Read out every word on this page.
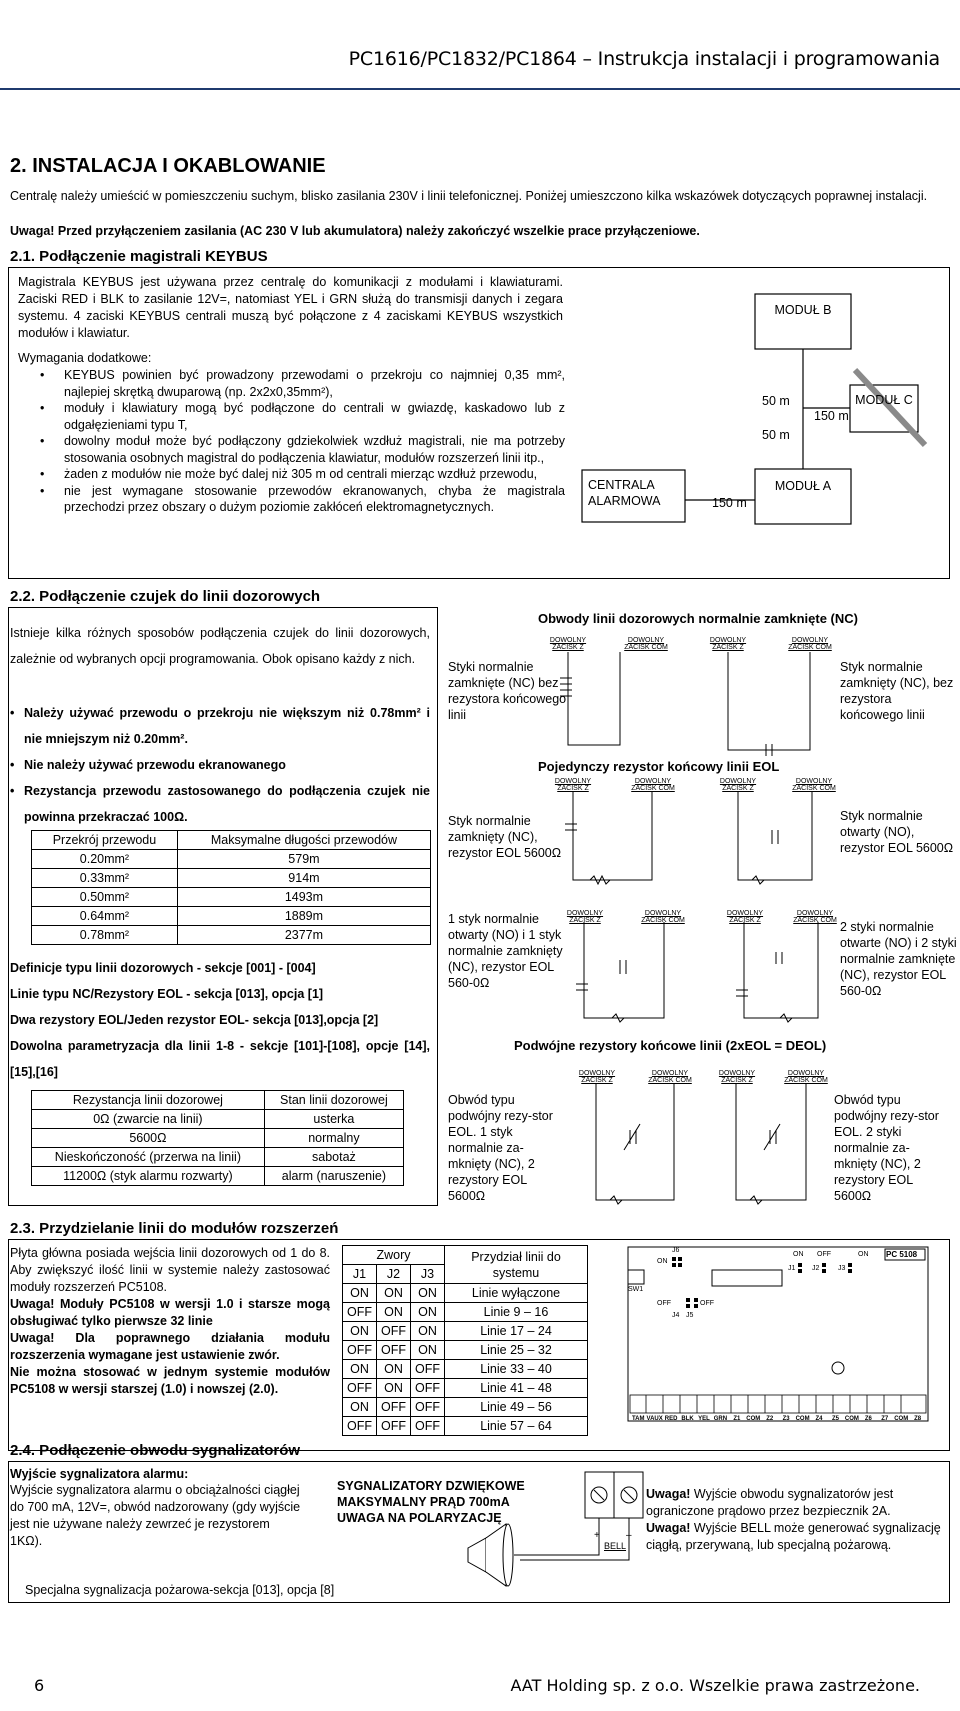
PC1616/PC1832/PC1864 – Instrukcja instalacji i programowania
2. INSTALACJA I OKABLOWANIE
Centralę należy umieścić w pomieszczeniu suchym, blisko zasilania 230V i linii telefonicznej. Poniżej umieszczono kilka wskazówek dotyczących poprawnej instalacji.
Uwaga! Przed przyłączeniem zasilania (AC 230 V lub akumulatora) należy zakończyć wszelkie prace przyłączeniowe.
2.1. Podłączenie magistrali KEYBUS
Magistrala KEYBUS jest używana przez centralę do komunikacji z modułami i klawiaturami. Zaciski RED i BLK to zasilanie 12V=, natomiast YEL i GRN służą do transmisji danych i zegara systemu. 4 zaciski KEYBUS centrali muszą być połączone z 4 zaciskami KEYBUS wszystkich modułów i klawiatur.
Wymagania dodatkowe:
• KEYBUS powinien być prowadzony przewodami o przekroju co najmniej 0,35 mm², najlepiej skrętką dwuparową (np. 2x2x0,35mm²),
• moduły i klawiatury mogą być podłączone do centrali w gwiazdę, kaskadowo lub z odgałęzieniami typu T,
• dowolny moduł może być podłączony gdziekolwiek wzdłuż magistrali, nie ma potrzeby stosowania osobnych magistral do podłączenia klawiatur, modułów rozszerzeń linii itp.,
• żaden z modułów nie może być dalej niż 305 m od centrali mierząc wzdłuż przewodu,
• nie jest wymagane stosowanie przewodów ekranowanych, chyba że magistrala przechodzi przez obszary o dużym poziomie zakłóceń elektromagnetycznych.
MODUŁ B
MODUŁ C
MODUŁ A
CENTRALA ALARMOWA
50 m
50 m
150 m
150 m
2.2. Podłączenie czujek do linii dozorowych
Istnieje kilka różnych sposobów podłączenia czujek do linii dozorowych, zależnie od wybranych opcji programowania. Obok opisano każdy z nich.
• Należy używać przewodu o przekroju nie większym niż 0.78mm² i nie mniejszym niż 0.20mm².
• Nie należy używać przewodu ekranowanego
• Rezystancja przewodu zastosowanego do podłączenia czujek nie powinna przekraczać 100Ω.
Przekrój przewodu	Maksymalne długości przewodów
0.20mm²	579m
0.33mm²	914m
0.50mm²	1493m
0.64mm²	1889m
0.78mm²	2377m
Definicje typu linii dozorowych - sekcje [001] - [004]
Linie typu NC/Rezystory EOL - sekcja [013], opcja [1]
Dwa rezystory EOL/Jeden rezystor EOL- sekcja [013],opcja [2]
Dowolna parametryzacja dla linii 1-8 - sekcje [101]-[108], opcje [14],[15],[16]
Rezystancja linii dozorowej	Stan linii dozorowej
0Ω (zwarcie na linii)	usterka
5600Ω	normalny
Nieskończoność (przerwa na linii)	sabotaż
11200Ω (styk alarmu rozwarty)	alarm (naruszenie)
Obwody linii dozorowych normalnie zamknięte (NC)
Pojedynczy rezystor końcowy linii EOL
Podwójne rezystory końcowe linii (2xEOL = DEOL)
Styki normalnie zamknięte (NC) bez rezystora końcowego linii
Styk normalnie zamknięty (NC), bez rezystora końcowego linii
Styk normalnie zamknięty (NC), rezystor EOL 5600Ω
Styk normalnie otwarty (NO), rezystor EOL 5600Ω
1 styk normalnie otwarty (NO) i 1 styk normalnie zamknięty (NC), rezystor EOL 560-0Ω
2 styki normalnie otwarte (NO) i 2 styki normalnie zamknięte (NC), rezystor EOL 560-0Ω
Obwód typu podwójny rezy-stor EOL. 1 styk normalnie za-mknięty (NC), 2 rezystory EOL 5600Ω
Obwód typu podwójny rezy-stor EOL. 2 styki normalnie za-mknięty (NC), 2 rezystory EOL 5600Ω
DOWOLNY ZACISK Z
DOWOLNY ZACISK COM
DOWOLNY ZACISK Z
DOWOLNY ZACISK COM
DOWOLNY ZACISK Z
DOWOLNY ZACISK COM
DOWOLNY ZACISK Z
DOWOLNY ZACISK COM
DOWOLNY ZACISK Z
DOWOLNY ZACISK COM
DOWOLNY ZACISK Z
DOWOLNY ZACISK COM
DOWOLNY ZACISK Z
DOWOLNY ZACISK COM
DOWOLNY ZACISK Z
DOWOLNY ZACISK COM
2.3. Przydzielanie linii do modułów rozszerzeń
Płyta główna posiada wejścia linii dozorowych od 1 do 8. Aby zwiększyć ilość linii w systemie należy zastosować moduły rozszerzeń PC5108.
Uwaga! Moduły PC5108 w wersji 1.0 i starsze mogą obsługiwać tylko pierwsze 32 linie
Uwaga! Dla poprawnego działania modułu rozszerzenia wymagane jest ustawienie zwór.
Nie można stosować w jednym systemie modułów PC5108 w wersji starszej (1.0) i nowszej (2.0).
Zwory			Przydział linii do systemu
J1	J2	J3	
ON	ON	ON	Linie wyłączone
OFF	ON	ON	Linie 9 – 16
ON	OFF	ON	Linie 17 – 24
OFF	OFF	ON	Linie 25 – 32
ON	ON	OFF	Linie 33 – 40
OFF	ON	OFF	Linie 41 – 48
ON	OFF	OFF	Linie 49 – 56
OFF	OFF	OFF	Linie 57 – 64
PC 5108
J6
ON
SW1
OFF	OFF
J4 J5
ON OFF	ON
J1 J2	J3
TAM VAUX RED BLK YEL GRN	Z1 COM Z2	Z3 COM Z4	Z5 COM Z6	Z7 COM Z8
2.4. Podłączenie obwodu sygnalizatorów
Wyjście sygnalizatora alarmu:
Wyjście sygnalizatora alarmu o obciążalności ciągłej do 700 mA, 12V=, obwód nadzorowany (gdy wyjście jest nie używane należy zewrzeć je rezystorem 1KΩ).
SYGNALIZATORY DZWIĘKOWE
MAKSYMALNY PRĄD 700mA
UWAGA NA POLARYZACJĘ
+	–
BELL
Uwaga! Wyjście obwodu sygnalizatorów jest ograniczone prądowo przez bezpiecznik 2A.
Uwaga! Wyjście BELL może generować sygnalizację ciągłą, przerywaną, lub specjalną pożarową.
Specjalna sygnalizacja pożarowa-sekcja [013], opcja [8]
6	AAT Holding sp. z o.o. Wszelkie prawa zastrzeżone.
